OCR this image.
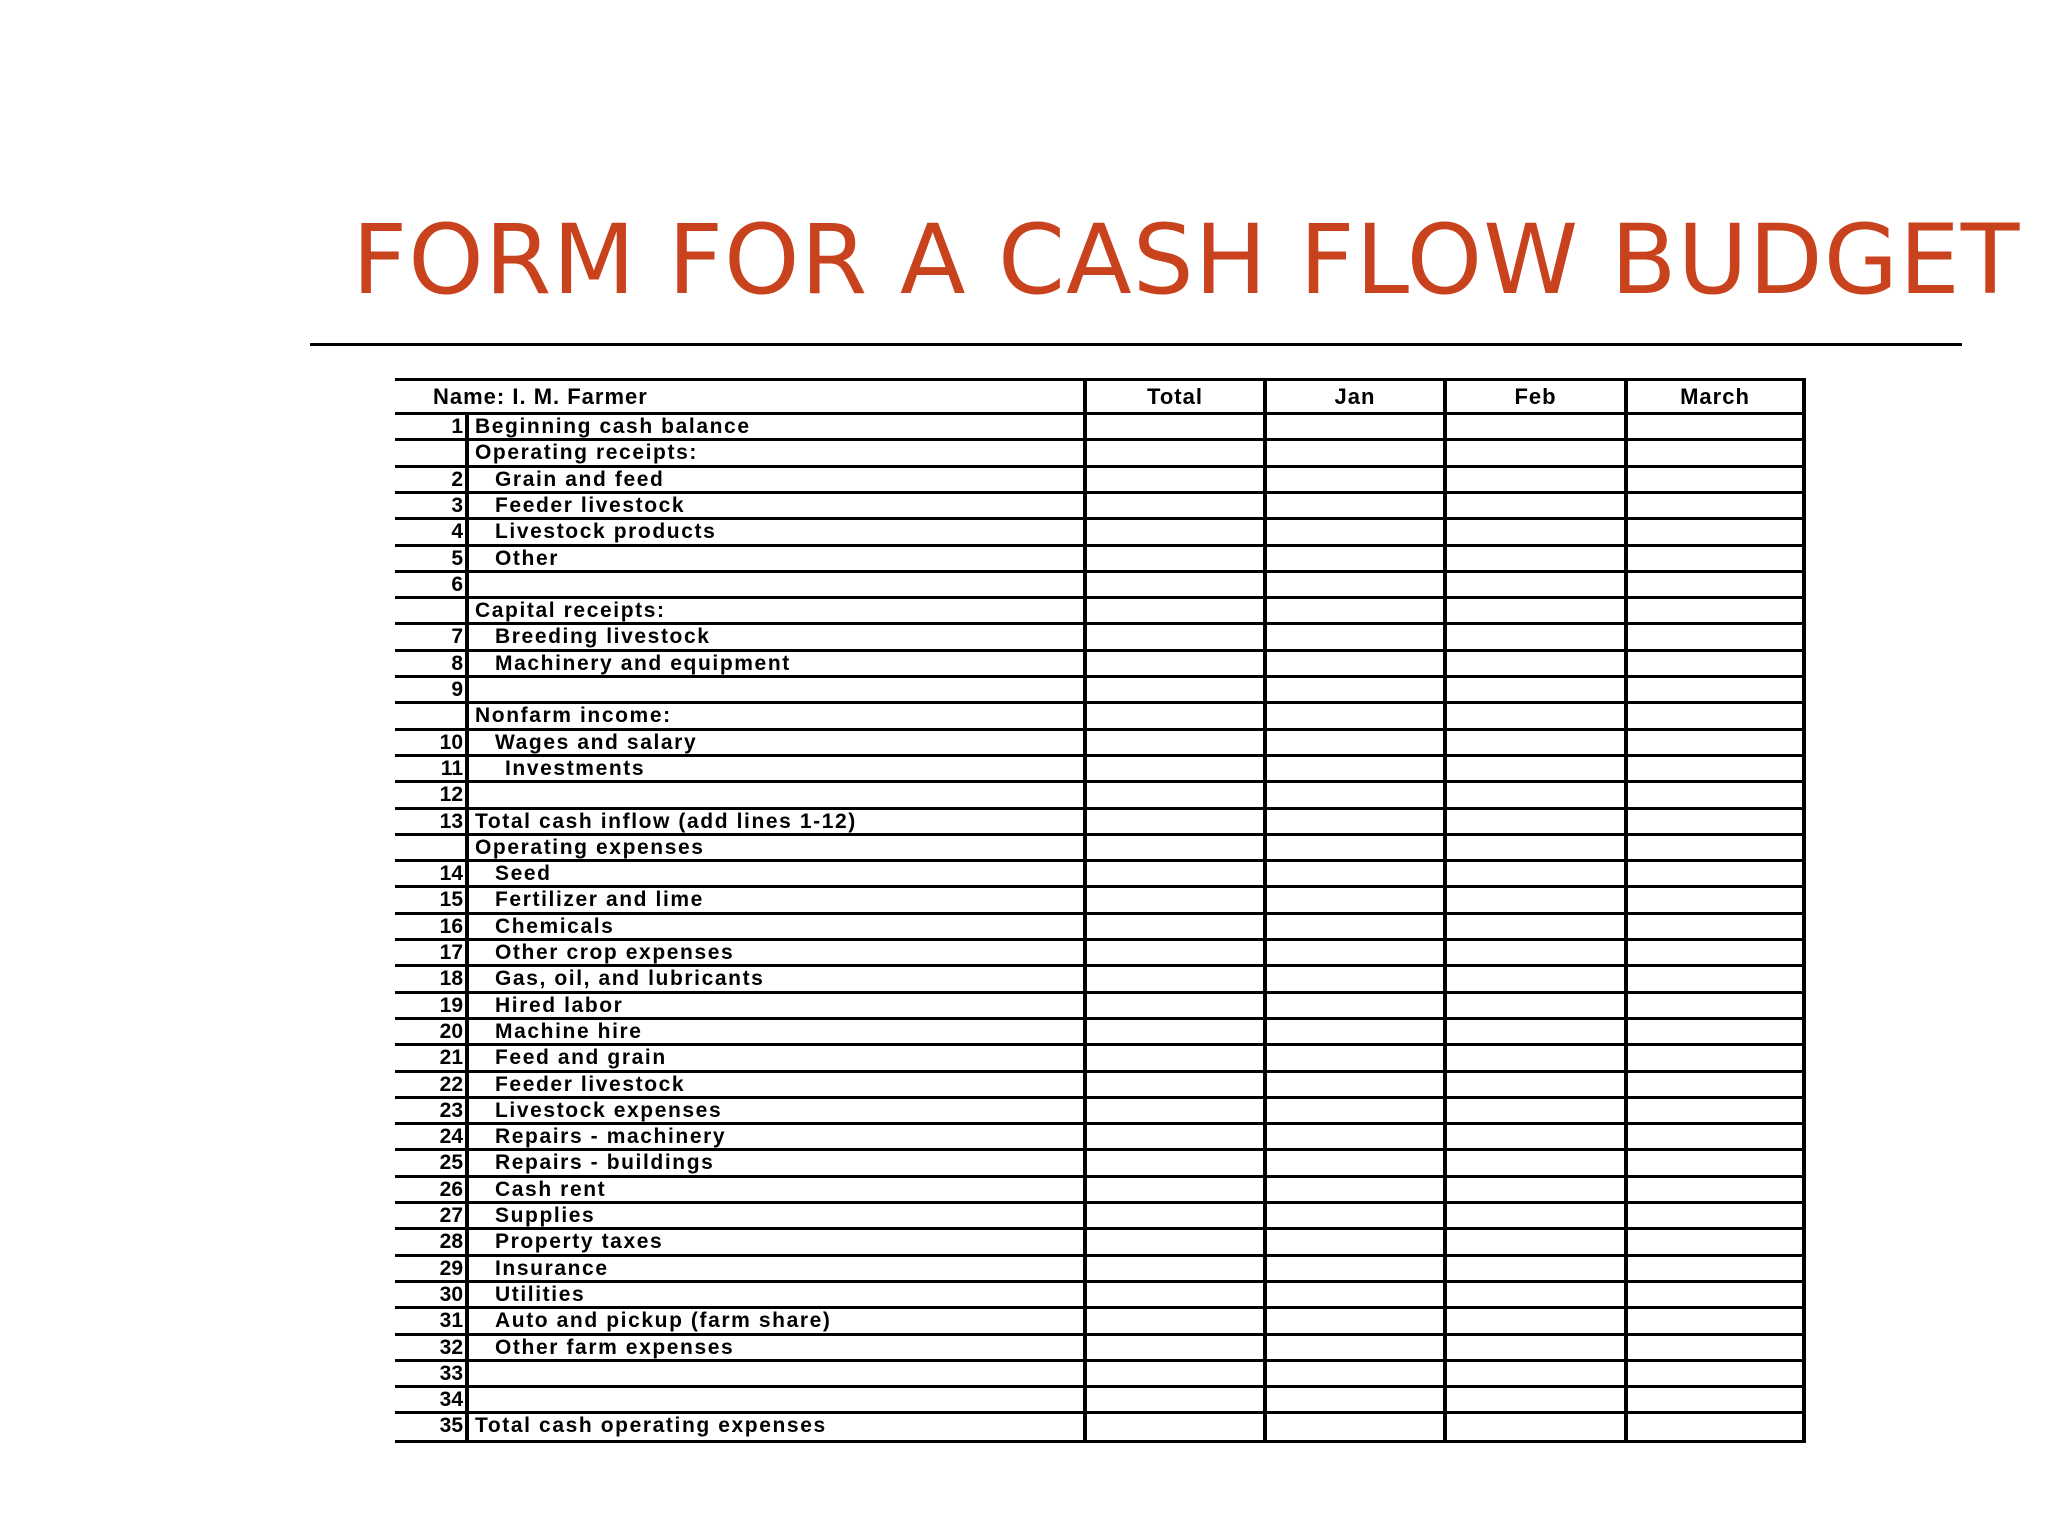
FORM FOR A CASH FLOW BUDGET
Name: I. M. Farmer	Total	Jan	Feb	March
1 Beginning cash balance
Operating receipts:
2 Grain and feed
3 Feeder livestock
4 Livestock products
5 Other
6
Capital receipts:
7 Breeding livestock
8 Machinery and equipment
9
Nonfarm income:
10 Wages and salary
11 Investments
12
13 Total cash inflow (add lines 1-12)
Operating expenses
14 Seed
15 Fertilizer and lime
16 Chemicals
17 Other crop expenses
18 Gas, oil, and lubricants
19 Hired labor
20 Machine hire
21 Feed and grain
22 Feeder livestock
23 Livestock expenses
24 Repairs - machinery
25 Repairs - buildings
26 Cash rent
27 Supplies
28 Property taxes
29 Insurance
30 Utilities
31 Auto and pickup (farm share)
32 Other farm expenses
33
34
35 Total cash operating expenses
